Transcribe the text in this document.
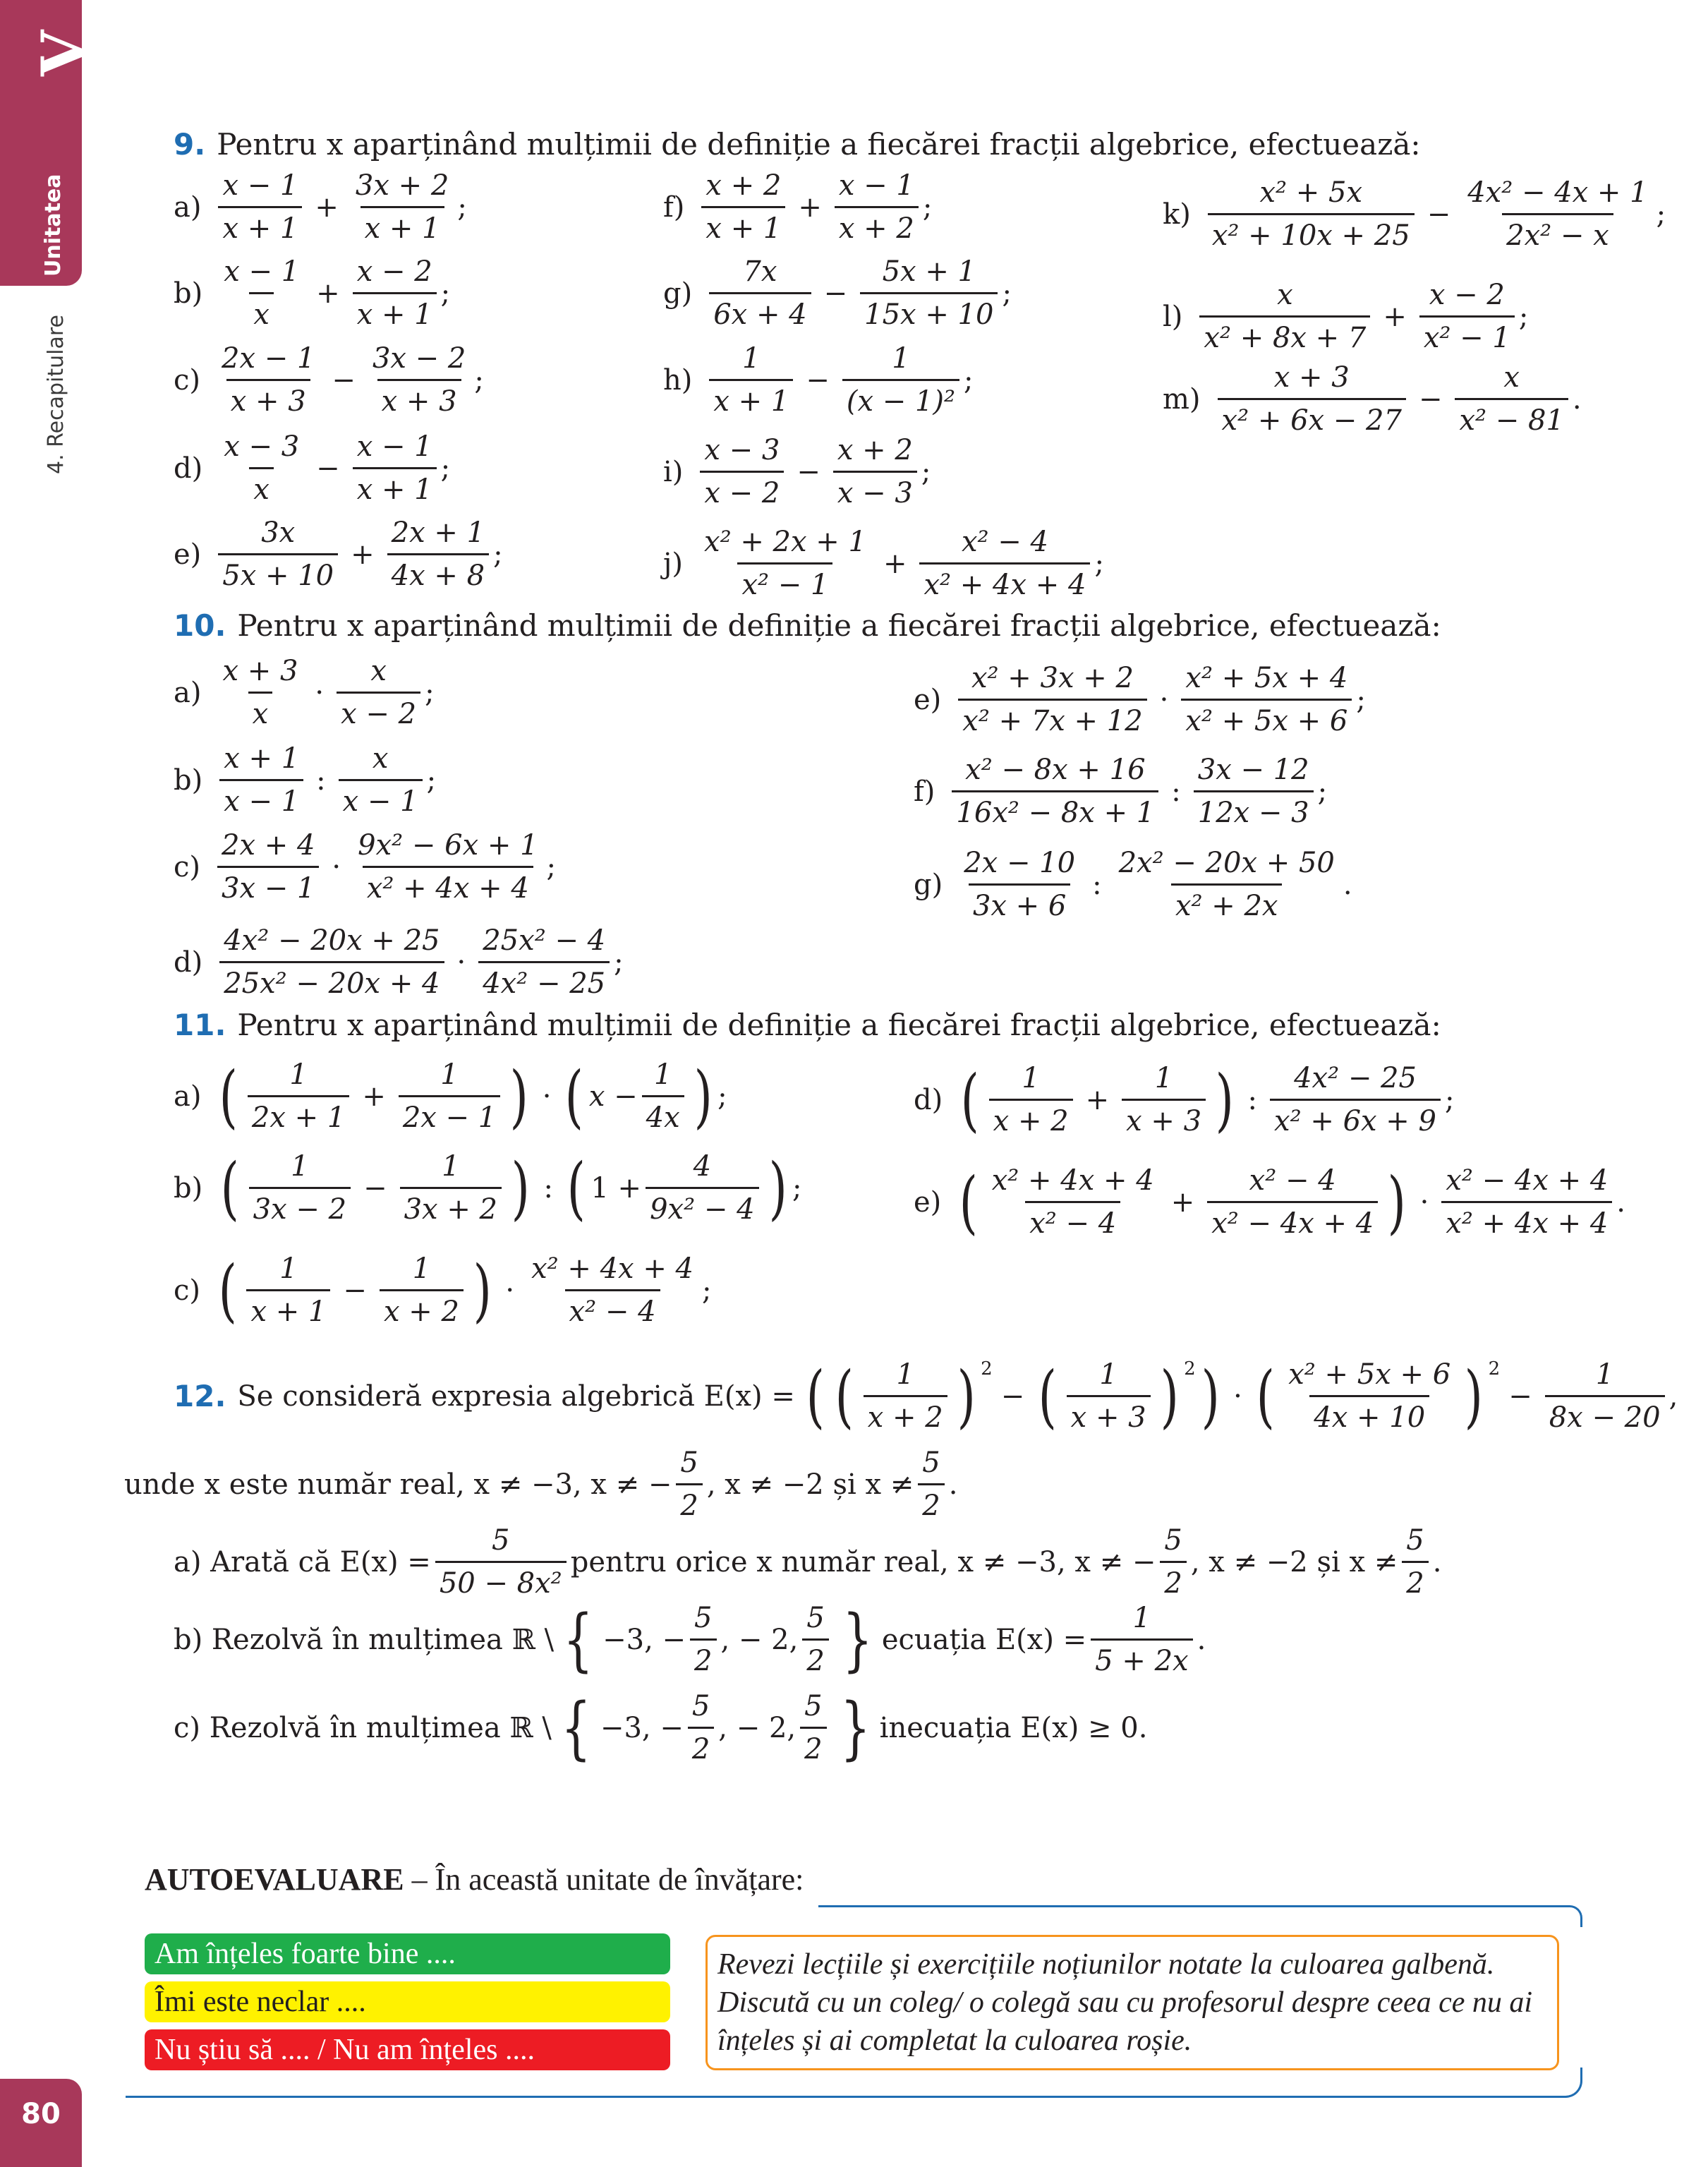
V
Unitatea
4. Recapitulare
80
9. Pentru x aparținând mulțimii de definiție a fiecărei fracții algebrice, efectuează:
$a) \frac{x - 1}{x + 1} + \frac{3x + 2}{x + 1}$ ;
$b) \frac{x - 1}{x} + \frac{x - 2}{x + 1}$ ;
$c) \frac{2x - 1}{x + 3} - \frac{3x - 2}{x + 3}$ ;
$d) \frac{x - 3}{x} - \frac{x - 1}{x + 1}$ ;
$e) \frac{3x}{5x + 10} + \frac{2x + 1}{4x + 8}$ ;
$f) \frac{x + 2}{x + 1} + \frac{x - 1}{x + 2}$ ;
$g) \frac{7x}{6x + 4} - \frac{5x + 1}{15x + 10}$ ;
$h) \frac{1}{x + 1} - \frac{1}{\text{(x − 1)²}}$ ;
$i) \frac{x - 3}{x - 2} - \frac{x + 2}{x - 3}$ ;
$j) \frac{\text{x² + 2x + 1}}{\text{x² − 1}} + \frac{\text{x² − 4}}{\text{x² + 4x + 4}}$ ;
$k) \frac{\text{x² + 5x}}{\text{x² + 10x + 25}} - \frac{\text{4x² − 4x + 1}}{\text{2x² − x}}$ ;
$l) \frac{x}{\text{x² + 8x + 7}} + \frac{x - 2}{\text{x² − 1}}$ ;
$m) \frac{x + 3}{\text{x² + 6x − 27}} - \frac{x}{\text{x² − 81}}$ .
10. Pentru x aparținând mulțimii de definiție a fiecărei fracții algebrice, efectuează:
$a) \frac{x + 3}{x} \cdot \frac{x}{x - 2}$ ;
$b) \frac{x + 1}{x - 1}$ : $\frac{x}{x - 1}$ ;
$c) \frac{2x + 4}{3x - 1} \cdot \frac{\text{9x² − 6x + 1}}{\text{x² + 4x + 4}}$ ;
$d) \frac{\text{4x² − 20x + 25}}{\text{25x² − 20x + 4}} \cdot \frac{\text{25x² − 4}}{\text{4x² − 25}}$ ;
$e) \frac{\text{x² + 3x + 2}}{\text{x² + 7x + 12}} \cdot \frac{\text{x² + 5x + 4}}{\text{x² + 5x + 6}}$ ;
$f) \frac{\text{x² − 8x + 16}}{\text{16x² − 8x + 1}}$ : $\frac{3x - 12}{12x - 3}$ ;
$g) \frac{2x - 10}{3x + 6}$ : $\frac{\text{2x² − 20x + 50}}{\text{x² + 2x}}$ .
11. Pentru x aparținând mulțimii de definiție a fiecărei fracții algebrice, efectuează:
a) ( $\frac{1}{2x + 1} + \frac{1}{2x - 1}$ ) · ( $x - \frac{1}{4x}$ ) ;
b) ( $\frac{1}{3x - 2} - \frac{1}{3x + 2}$ ) : ( $1 + \frac{4}{\text{9x² − 4}}$ ) ;
c) ( $\frac{1}{x + 1} - \frac{1}{x + 2}$ ) · $\frac{\text{x² + 4x + 4}}{\text{x² − 4}}$ ;
d) ( $\frac{1}{x + 2} + \frac{1}{x + 3}$ ) : $\frac{\text{4x² − 25}}{\text{x² + 6x + 9}}$ ;
e) ( $\frac{\text{x² + 4x + 4}}{\text{x² − 4}} + \frac{\text{x² − 4}}{\text{x² − 4x + 4}}$ ) · $\frac{\text{x² − 4x + 4}}{\text{x² + 4x + 4}}$ .
12. Se consideră expresia algebrică E(x) = ( ( $\frac{1}{x + 2}$ ) $^2$
− ( $\frac{1}{x + 3}$ ) $^2$ ) · ( $\frac{\text{x² + 5x + 6}}{4x + 10}$ ) $^2$
− $\frac{1}{8x - 20}$ ,
unde x este număr real, x ≠ −3, x ≠ − $\frac{5}{2}$ , x ≠ −2 și $x \ne \frac{5}{2}$ .
a) Arată că $E(x) = \frac{5}{\text{50 − 8x²}}$ pentru orice x număr real, x ≠ −3, x ≠ − $\frac{5}{2}$ , x ≠ −2 și $x \ne \frac{5}{2}$ .
b) Rezolvă în mulțimea ℝ \ { −3, − $\frac{5}{2}$ , − 2, $\frac{5}{2}$ } ecuația $E(x) = \frac{1}{5 + 2x}$ .
c) Rezolvă în mulțimea ℝ \ { −3, − $\frac{5}{2}$ , − 2, $\frac{5}{2}$ } inecuația E(x) ≥ 0.
AUTOEVALUARE – În această unitate de învățare:
Am înțeles foarte bine ....
Îmi este neclar ....
Nu știu să .... / Nu am înțeles ....
Revezi lecțiile și exercițiile noțiunilor notate la culoarea galbenă. Discută cu un coleg/ o colegă sau cu profesorul despre ceea ce nu ai înțeles și ai completat la culoarea roșie.
